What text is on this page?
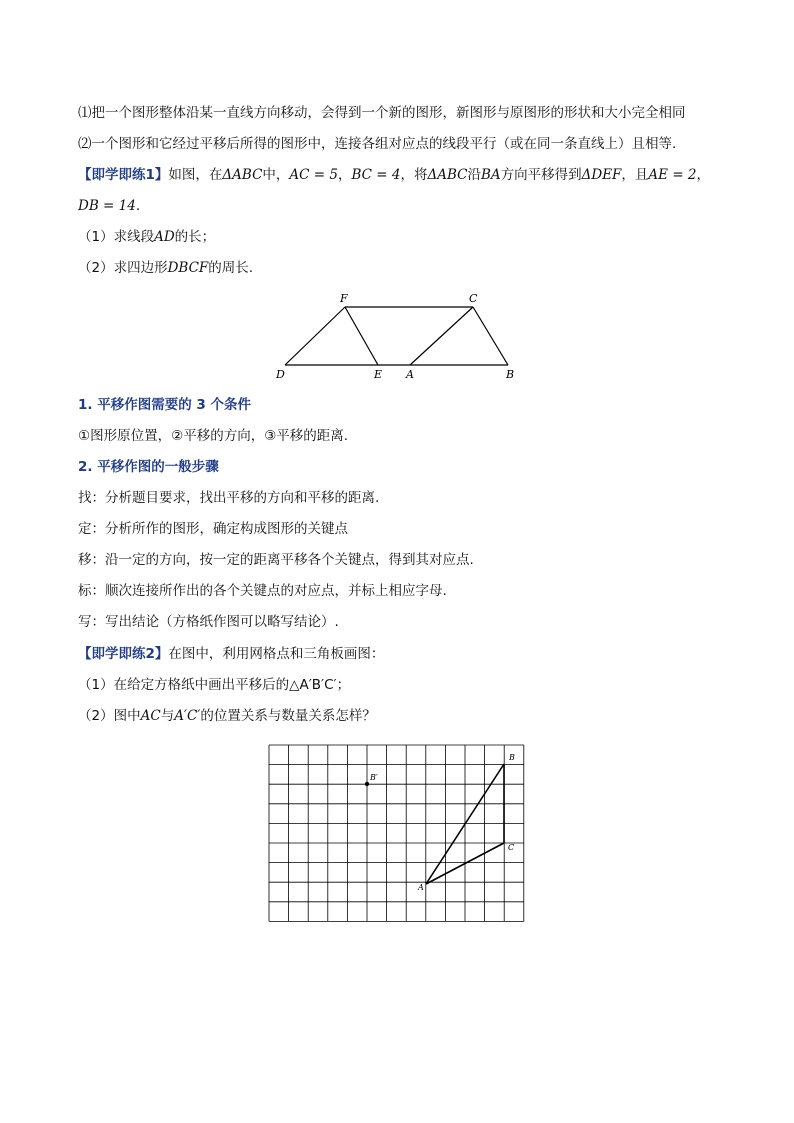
⑴把一个图形整体沿某一直线方向移动，会得到一个新的图形，新图形与原图形的形状和大小完全相同
⑵一个图形和它经过平移后所得的图形中，连接各组对应点的线段平行（或在同一条直线上）且相等.
【即学即练1】如图，在ΔABC中，AC = 5，BC = 4，将ΔABC沿BA方向平移得到ΔDEF，且AE = 2，
DB = 14.
（1）求线段AD的长；
（2）求四边形DBCF的周长.
F	C
D	E A	B
1. 平移作图需要的 3 个条件
①图形原位置，②平移的方向，③平移的距离.
2. 平移作图的一般步骤
找：分析题目要求，找出平移的方向和平移的距离.
定：分析所作的图形，确定构成图形的关键点
移：沿一定的方向，按一定的距离平移各个关键点，得到其对应点.
标：顺次连接所作出的各个关键点的对应点，并标上相应字母.
写：写出结论（方格纸作图可以略写结论）.
【即学即练2】在图中，利用网格点和三角板画图：
（1）在给定方格纸中画出平移后的△A′B′C′；
（2）图中AC与A′C′的位置关系与数量关系怎样？
B
C
A
B′
